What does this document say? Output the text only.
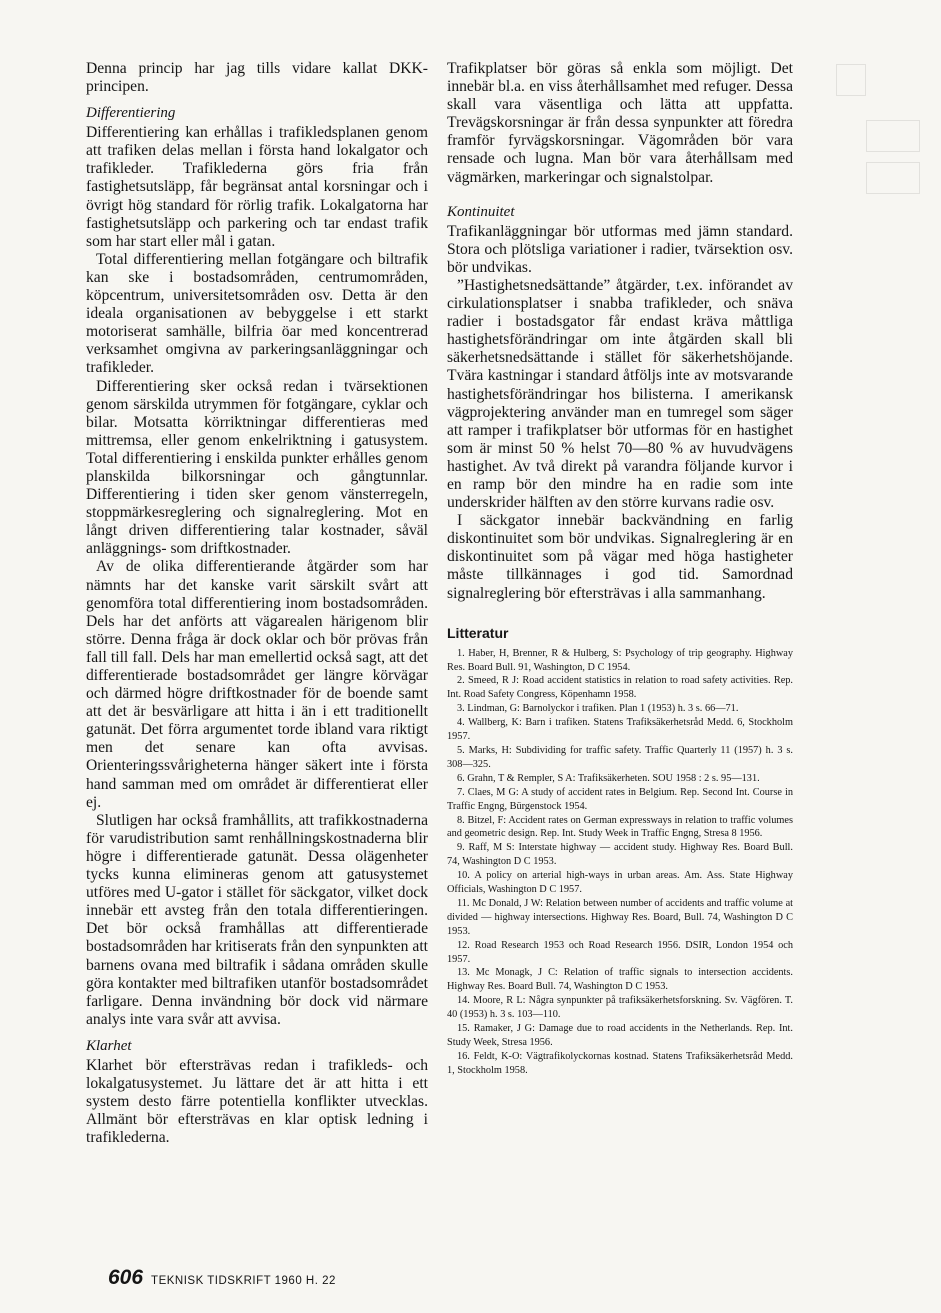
Denna princip har jag tills vidare kallat DKK-principen.

Differentiering

Differentiering kan erhållas i trafikledsplanen genom att trafiken delas mellan i första hand lokalgator och trafikleder. Trafiklederna görs fria från fastighetsutsläpp, får begränsat antal korsningar och i övrigt hög standard för rörlig trafik. Lokalgatorna har fastighetsutsläpp och parkering och tar endast trafik som har start eller mål i gatan.

Total differentiering mellan fotgängare och biltrafik kan ske i bostadsområden, centrumområden, köpcentrum, universitetsområden osv. Detta är den ideala organisationen av bebyggelse i ett starkt motoriserat samhälle, bilfria öar med koncentrerad verksamhet omgivna av parkeringsanläggningar och trafikleder.

Differentiering sker också redan i tvärsektionen genom särskilda utrymmen för fotgängare, cyklar och bilar. Motsatta körriktningar differentieras med mittremsa, eller genom enkelriktning i gatusystem. Total differentiering i enskilda punkter erhålles genom planskilda bilkorsningar och gångtunnlar. Differentiering i tiden sker genom vänsterregeln, stoppmärkesreglering och signalreglering. Mot en långt driven differentiering talar kostnader, såväl anläggnings- som driftkostnader.

Av de olika differentierande åtgärder som har nämnts har det kanske varit särskilt svårt att genomföra total differentiering inom bostadsområden. Dels har det anförts att vägarealen härigenom blir större. Denna fråga är dock oklar och bör prövas från fall till fall. Dels har man emellertid också sagt, att det differentierade bostadsområdet ger längre körvägar och därmed högre driftkostnader för de boende samt att det är besvärligare att hitta i än i ett traditionellt gatunät. Det förra argumentet torde ibland vara riktigt men det senare kan ofta avvisas. Orienteringssvårigheterna hänger säkert inte i första hand samman med om området är differentierat eller ej.

Slutligen har också framhållits, att trafikkostnaderna för varudistribution samt renhållningskostnaderna blir högre i differentierade gatunät. Dessa olägenheter tycks kunna elimineras genom att gatusystemet utföres med U-gator i stället för säckgator, vilket dock innebär ett avsteg från den totala differentieringen. Det bör också framhållas att differentierade bostadsområden har kritiserats från den synpunkten att barnens ovana med biltrafik i sådana områden skulle göra kontakter med biltrafiken utanför bostadsområdet farligare. Denna invändning bör dock vid närmare analys inte vara svår att avvisa.

Klarhet

Klarhet bör eftersträvas redan i trafikleds- och lokalgatusystemet. Ju lättare det är att hitta i ett system desto färre potentiella konflikter utvecklas. Allmänt bör eftersträvas en klar optisk ledning i trafiklederna.

Trafikplatser bör göras så enkla som möjligt. Det innebär bl.a. en viss återhållsamhet med refuger. Dessa skall vara väsentliga och lätta att uppfatta. Trevägskorsningar är från dessa synpunkter att föredra framför fyrvägskorsningar. Vägområden bör vara rensade och lugna. Man bör vara återhållsam med vägmärken, markeringar och signalstolpar.

Kontinuitet

Trafikanläggningar bör utformas med jämn standard. Stora och plötsliga variationer i radier, tvärsektion osv. bör undvikas.

”Hastighetsnedsättande” åtgärder, t.ex. införandet av cirkulationsplatser i snabba trafikleder, och snäva radier i bostadsgator får endast kräva måttliga hastighetsförändringar om inte åtgärden skall bli säkerhetsnedsättande i stället för säkerhetshöjande. Tvära kastningar i standard åtföljs inte av motsvarande hastighetsförändringar hos bilisterna. I amerikansk vägprojektering använder man en tumregel som säger att ramper i trafikplatser bör utformas för en hastighet som är minst 50 % helst 70—80 % av huvudvägens hastighet. Av två direkt på varandra följande kurvor i en ramp bör den mindre ha en radie som inte underskrider hälften av den större kurvans radie osv.

I säckgator innebär backvändning en farlig diskontinuitet som bör undvikas. Signalreglering är en diskontinuitet som på vägar med höga hastigheter måste tillkännages i god tid. Samordnad signalreglering bör eftersträvas i alla sammanhang.

Litteratur
1. Haber, H, Brenner, R & Hulberg, S: Psychology of trip geography. Highway Res. Board Bull. 91, Washington, D C 1954.
2. Smeed, R J: Road accident statistics in relation to road safety activities. Rep. Int. Road Safety Congress, Köpenhamn 1958.
3. Lindman, G: Barnolyckor i trafiken. Plan 1 (1953) h. 3 s. 66—71.
4. Wallberg, K: Barn i trafiken. Statens Trafiksäkerhetsråd Medd. 6, Stockholm 1957.
5. Marks, H: Subdividing for traffic safety. Traffic Quarterly 11 (1957) h. 3 s. 308—325.
6. Grahn, T & Rempler, S A: Trafiksäkerheten. SOU 1958 : 2 s. 95—131.
7. Claes, M G: A study of accident rates in Belgium. Rep. Second Int. Course in Traffic Engng, Bürgenstock 1954.
8. Bitzel, F: Accident rates on German expressways in relation to traffic volumes and geometric design. Rep. Int. Study Week in Traffic Engng, Stresa 8 1956.
9. Raff, M S: Interstate highway — accident study. Highway Res. Board Bull. 74, Washington D C 1953.
10. A policy on arterial high-ways in urban areas. Am. Ass. State Highway Officials, Washington D C 1957.
11. Mc Donald, J W: Relation between number of accidents and traffic volume at divided — highway intersections. Highway Res. Board, Bull. 74, Washington D C 1953.
12. Road Research 1953 och Road Research 1956. DSIR, London 1954 och 1957.
13. Mc Monagk, J C: Relation of traffic signals to intersection accidents. Highway Res. Board Bull. 74, Washington D C 1953.
14. Moore, R L: Några synpunkter på trafiksäkerhetsforskning. Sv. Vägfören. T. 40 (1953) h. 3 s. 103—110.
15. Ramaker, J G: Damage due to road accidents in the Netherlands. Rep. Int. Study Week, Stresa 1956.
16. Feldt, K-O: Vägtrafikolyckornas kostnad. Statens Trafiksäkerhetsråd Medd. 1, Stockholm 1958.
606 TEKNISK TIDSKRIFT 1960 H. 22
